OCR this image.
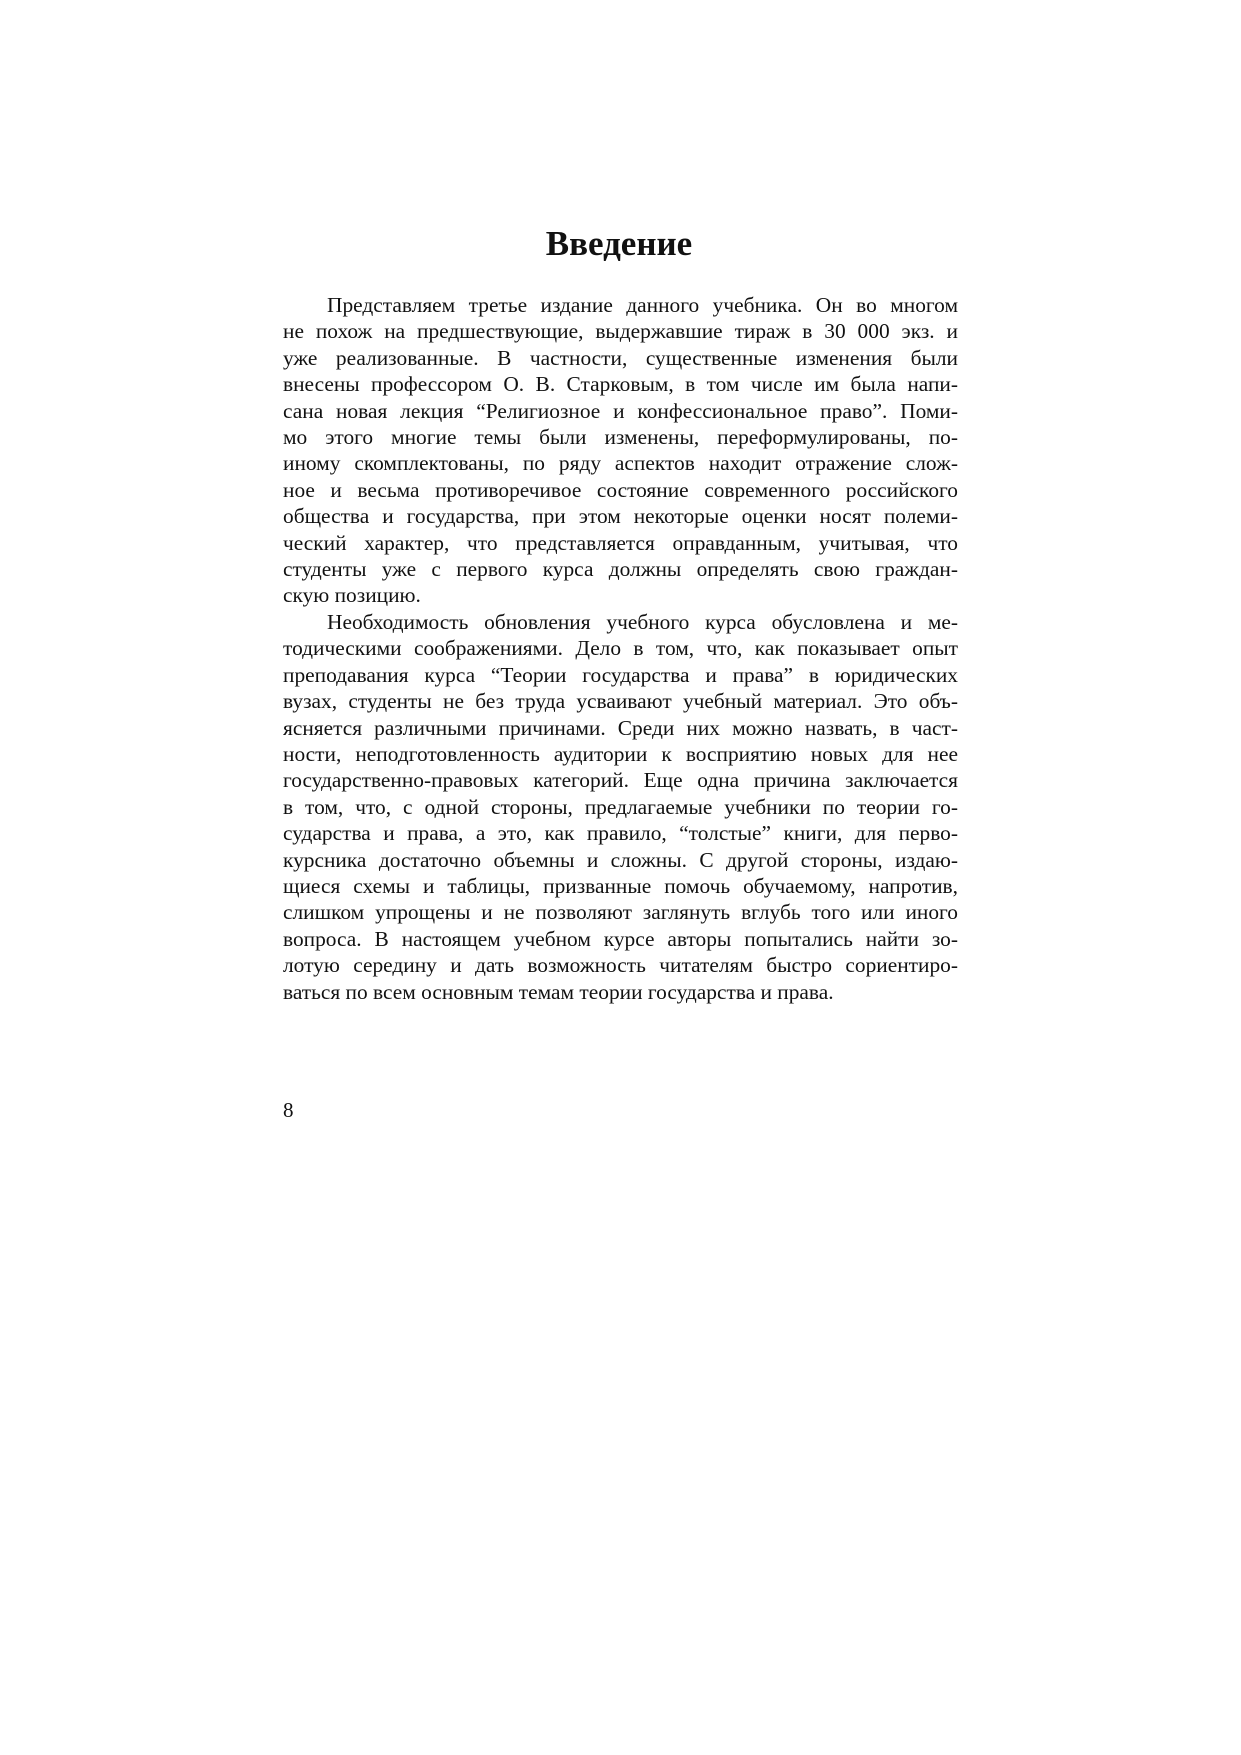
Введение

Представляем третье издание данного учебника. Он во многом
не похож на предшествующие, выдержавшие тираж в 30 000 экз. и
уже реализованные. В частности, существенные изменения были
внесены профессором О. В. Старковым, в том числе им была напи-
сана новая лекция “Религиозное и конфессиональное право”. Поми-
мо этого многие темы были изменены, переформулированы, по-
иному скомплектованы, по ряду аспектов находит отражение слож-
ное и весьма противоречивое состояние современного российского
общества и государства, при этом некоторые оценки носят полеми-
ческий характер, что представляется оправданным, учитывая, что
студенты уже с первого курса должны определять свою граждан-
скую позицию.

Необходимость обновления учебного курса обусловлена и ме-
тодическими соображениями. Дело в том, что, как показывает опыт
преподавания курса “Теории государства и права” в юридических
вузах, студенты не без труда усваивают учебный материал. Это объ-
ясняется различными причинами. Среди них можно назвать, в част-
ности, неподготовленность аудитории к восприятию новых для нее
государственно-правовых категорий. Еще одна причина заключается
в том, что, с одной стороны, предлагаемые учебники по теории го-
сударства и права, а это, как правило, “толстые” книги, для перво-
курсника достаточно объемны и сложны. С другой стороны, издаю-
щиеся схемы и таблицы, призванные помочь обучаемому, напротив,
слишком упрощены и не позволяют заглянуть вглубь того или иного
вопроса. В настоящем учебном курсе авторы попытались найти зо-
лотую середину и дать возможность читателям быстро сориентиро-
ваться по всем основным темам теории государства и права.

8
